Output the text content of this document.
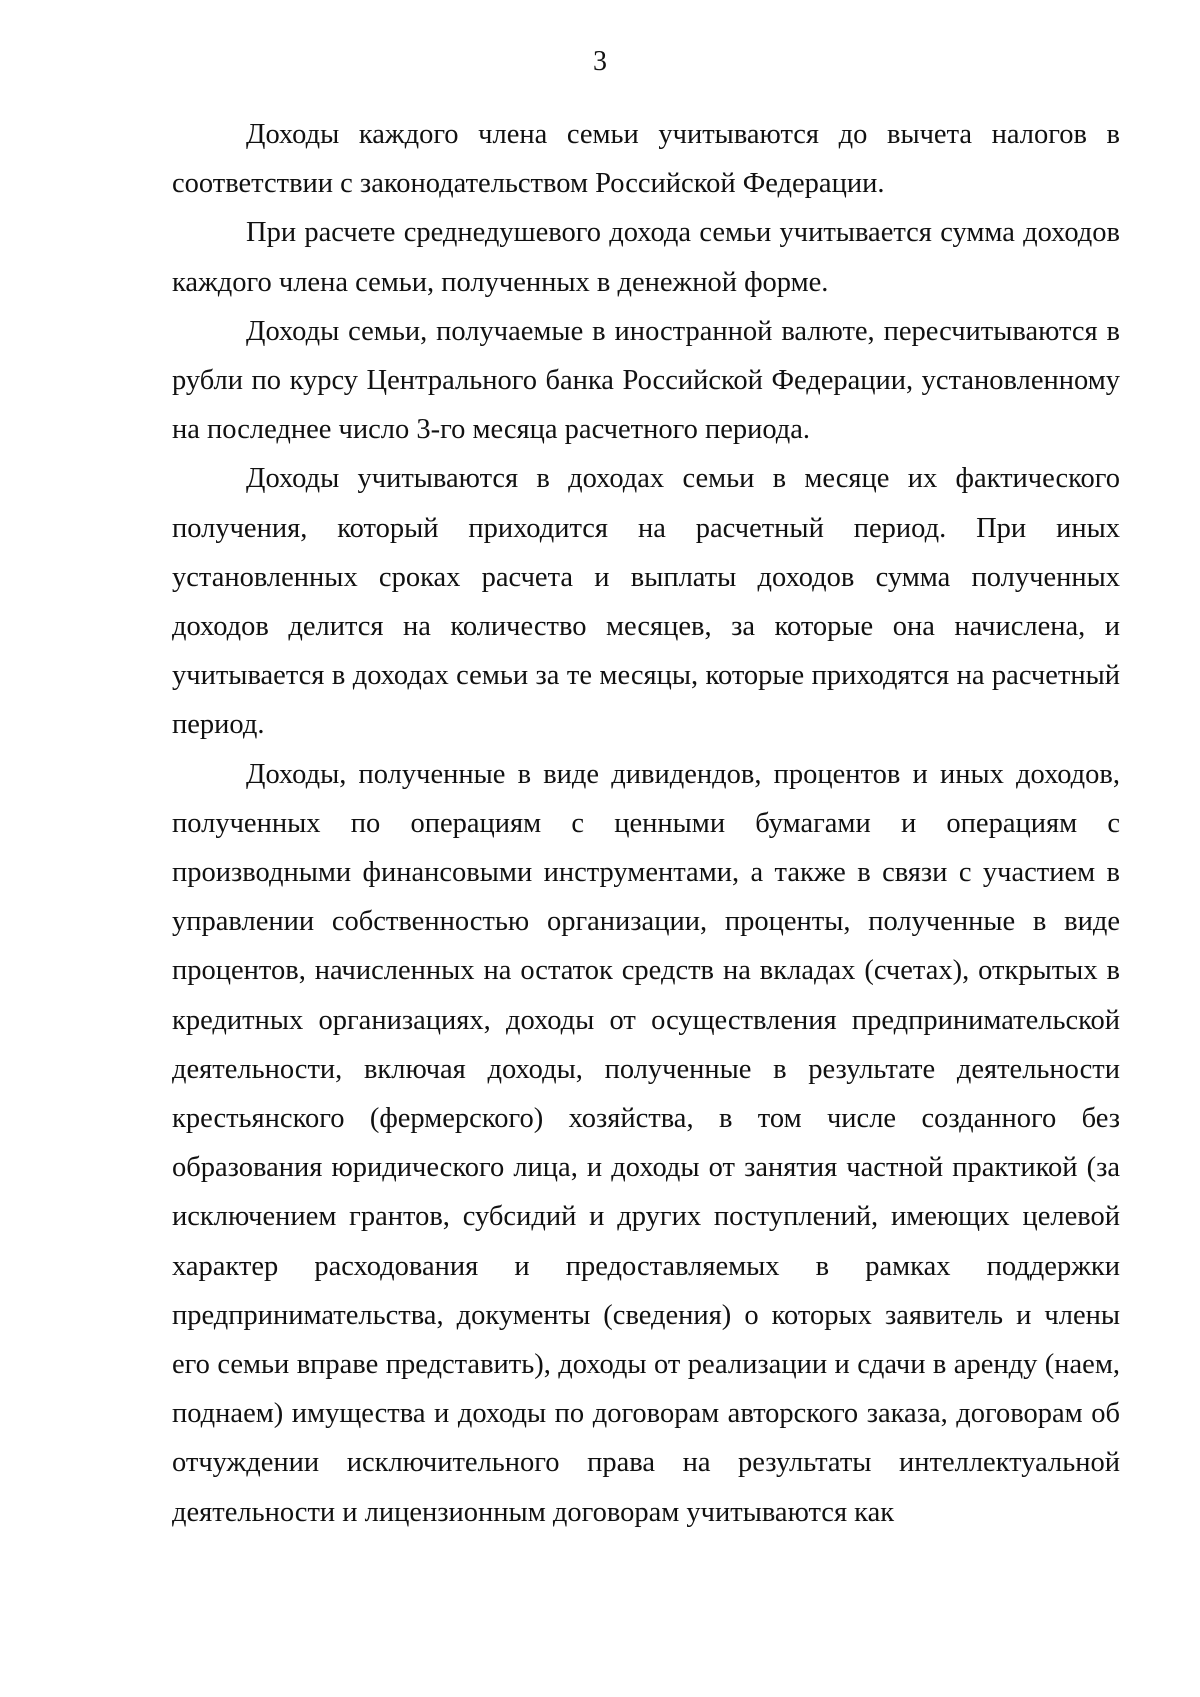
3

Доходы каждого члена семьи учитываются до вычета налогов в соответствии с законодательством Российской Федерации.

При расчете среднедушевого дохода семьи учитывается сумма доходов каждого члена семьи, полученных в денежной форме.

Доходы семьи, получаемые в иностранной валюте, пересчитываются в рубли по курсу Центрального банка Российской Федерации, установленному на последнее число 3-го месяца расчетного периода.

Доходы учитываются в доходах семьи в месяце их фактического получения, который приходится на расчетный период. При иных установленных сроках расчета и выплаты доходов сумма полученных доходов делится на количество месяцев, за которые она начислена, и учитывается в доходах семьи за те месяцы, которые приходятся на расчетный период.

Доходы, полученные в виде дивидендов, процентов и иных доходов, полученных по операциям с ценными бумагами и операциям с производными финансовыми инструментами, а также в связи с участием в управлении собственностью организации, проценты, полученные в виде процентов, начисленных на остаток средств на вкладах (счетах), открытых в кредитных организациях, доходы от осуществления предпринимательской деятельности, включая доходы, полученные в результате деятельности крестьянского (фермерского) хозяйства, в том числе созданного без образования юридического лица, и доходы от занятия частной практикой (за исключением грантов, субсидий и других поступлений, имеющих целевой характер расходования и предоставляемых в рамках поддержки предпринимательства, документы (сведения) о которых заявитель и члены его семьи вправе представить), доходы от реализации и сдачи в аренду (наем, поднаем) имущества и доходы по договорам авторского заказа, договорам об отчуждении исключительного права на результаты интеллектуальной деятельности и лицензионным договорам учитываются как
